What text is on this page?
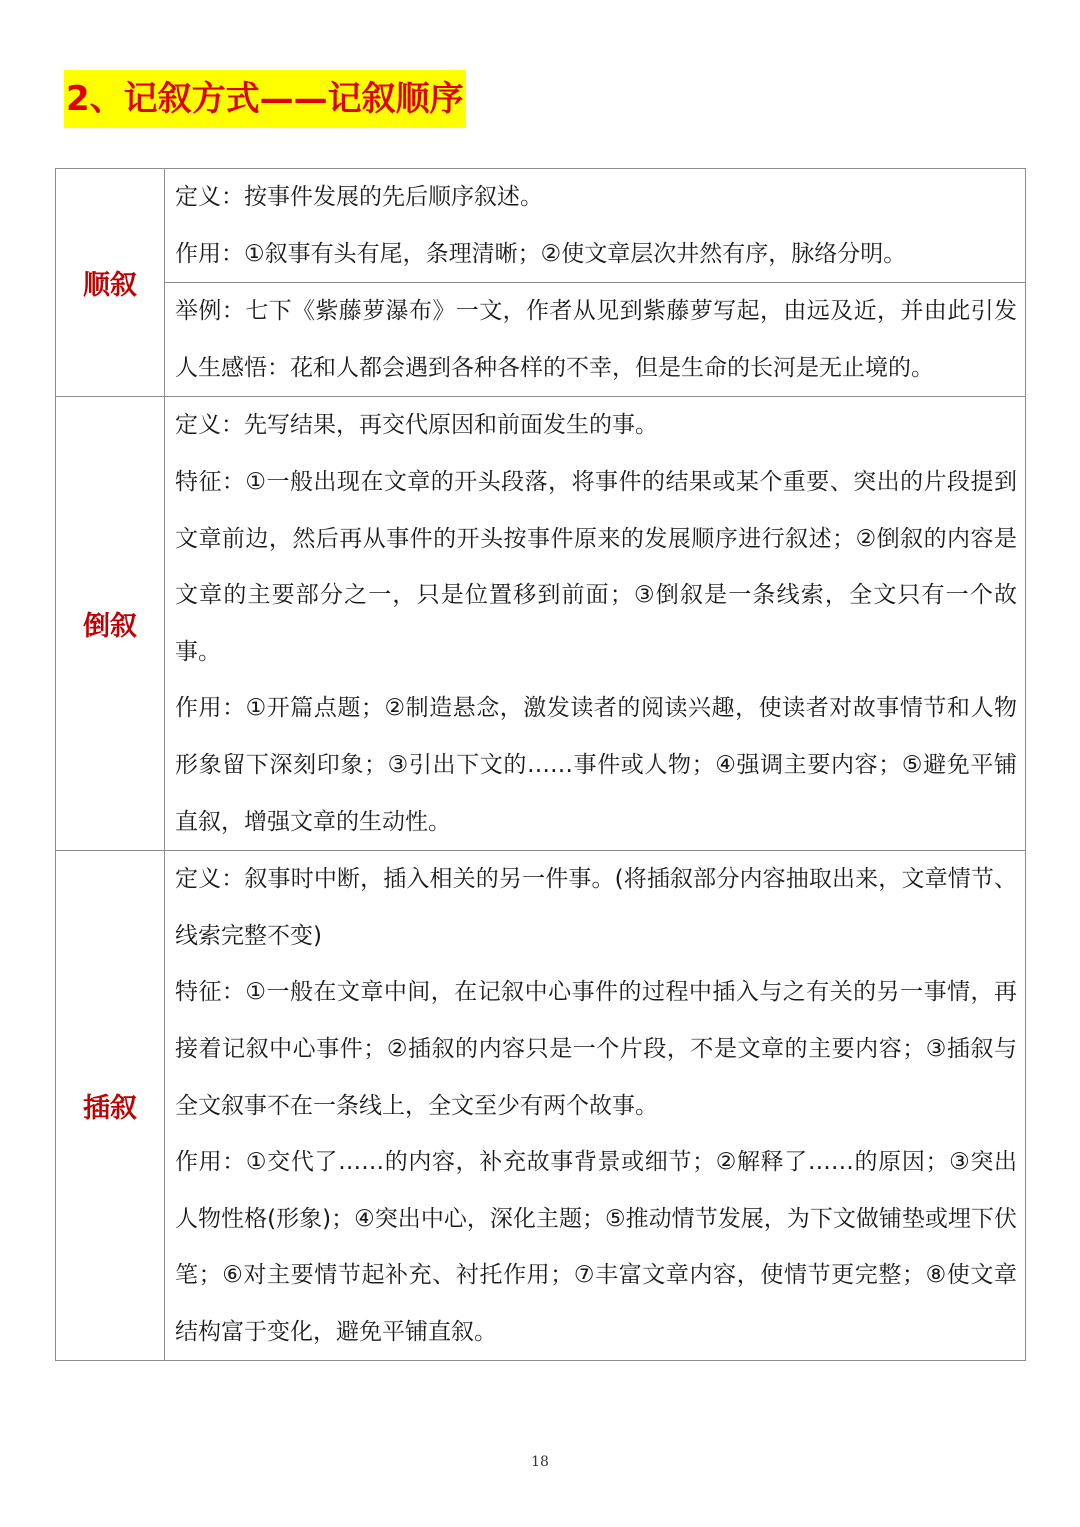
2、记叙方式——记叙顺序
顺叙	定义：按事件发展的先后顺序叙述。

作用：①叙事有头有尾，条理清晰；②使文章层次井然有序，脉络分明。

	举例：七下《紫藤萝瀑布》一文，作者从见到紫藤萝写起，由远及近，并由此引发人生感悟：花和人都会遇到各种各样的不幸，但是生命的长河是无止境的。

倒叙	定义：先写结果，再交代原因和前面发生的事。

特征：①一般出现在文章的开头段落，将事件的结果或某个重要、突出的片段提到文章前边，然后再从事件的开头按事件原来的发展顺序进行叙述；②倒叙的内容是文章的主要部分之一，只是位置移到前面；③倒叙是一条线索，全文只有一个故事。

作用：①开篇点题；②制造悬念，激发读者的阅读兴趣，使读者对故事情节和人物形象留下深刻印象；③引出下文的……事件或人物；④强调主要内容；⑤避免平铺直叙，增强文章的生动性。

插叙	定义：叙事时中断，插入相关的另一件事。(将插叙部分内容抽取出来，文章情节、线索完整不变)

特征：①一般在文章中间，在记叙中心事件的过程中插入与之有关的另一事情，再接着记叙中心事件；②插叙的内容只是一个片段，不是文章的主要内容；③插叙与全文叙事不在一条线上，全文至少有两个故事。

作用：①交代了……的内容，补充故事背景或细节；②解释了……的原因；③突出人物性格(形象)；④突出中心，深化主题；⑤推动情节发展，为下文做铺垫或埋下伏笔；⑥对主要情节起补充、衬托作用；⑦丰富文章内容，使情节更完整；⑧使文章结构富于变化，避免平铺直叙。

18
